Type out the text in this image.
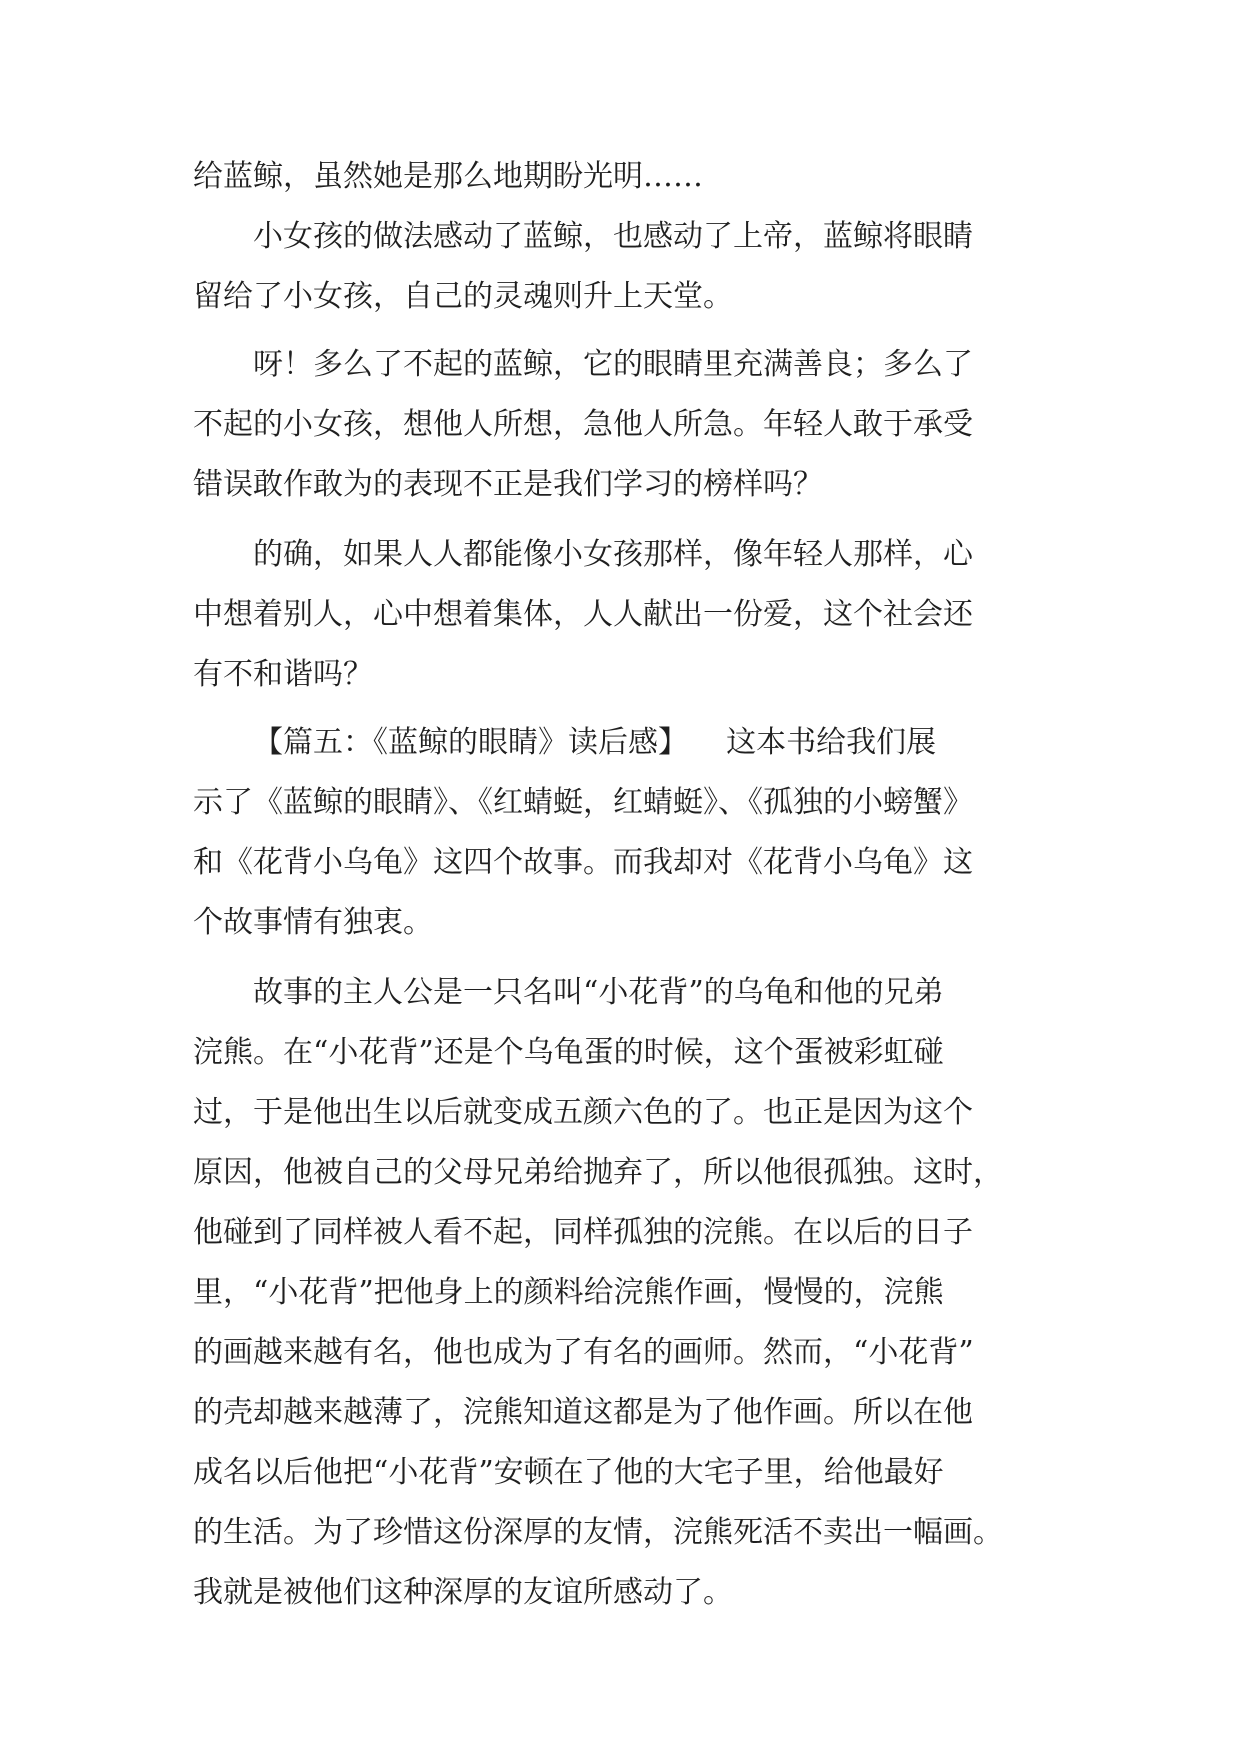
给蓝鲸，虽然她是那么地期盼光明……
小女孩的做法感动了蓝鲸，也感动了上帝，蓝鲸将眼睛
留给了小女孩，自己的灵魂则升上天堂。
呀！多么了不起的蓝鲸，它的眼睛里充满善良；多么了
不起的小女孩，想他人所想，急他人所急。年轻人敢于承受
错误敢作敢为的表现不正是我们学习的榜样吗？
的确，如果人人都能像小女孩那样，像年轻人那样，心
中想着别人，心中想着集体，人人献出一份爱，这个社会还
有不和谐吗？
【篇五：《蓝鲸的眼睛》读后感】    这本书给我们展
示了《蓝鲸的眼睛》、《红蜻蜓，红蜻蜓》、《孤独的小螃蟹》
和《花背小乌龟》这四个故事。而我却对《花背小乌龟》这
个故事情有独衷。
故事的主人公是一只名叫“小花背”的乌龟和他的兄弟
浣熊。在“小花背”还是个乌龟蛋的时候，这个蛋被彩虹碰
过，于是他出生以后就变成五颜六色的了。也正是因为这个
原因，他被自己的父母兄弟给抛弃了，所以他很孤独。这时，
他碰到了同样被人看不起，同样孤独的浣熊。在以后的日子
里，“小花背”把他身上的颜料给浣熊作画，慢慢的，浣熊
的画越来越有名，他也成为了有名的画师。然而，“小花背”
的壳却越来越薄了，浣熊知道这都是为了他作画。所以在他
成名以后他把“小花背”安顿在了他的大宅子里，给他最好
的生活。为了珍惜这份深厚的友情，浣熊死活不卖出一幅画。
我就是被他们这种深厚的友谊所感动了。
